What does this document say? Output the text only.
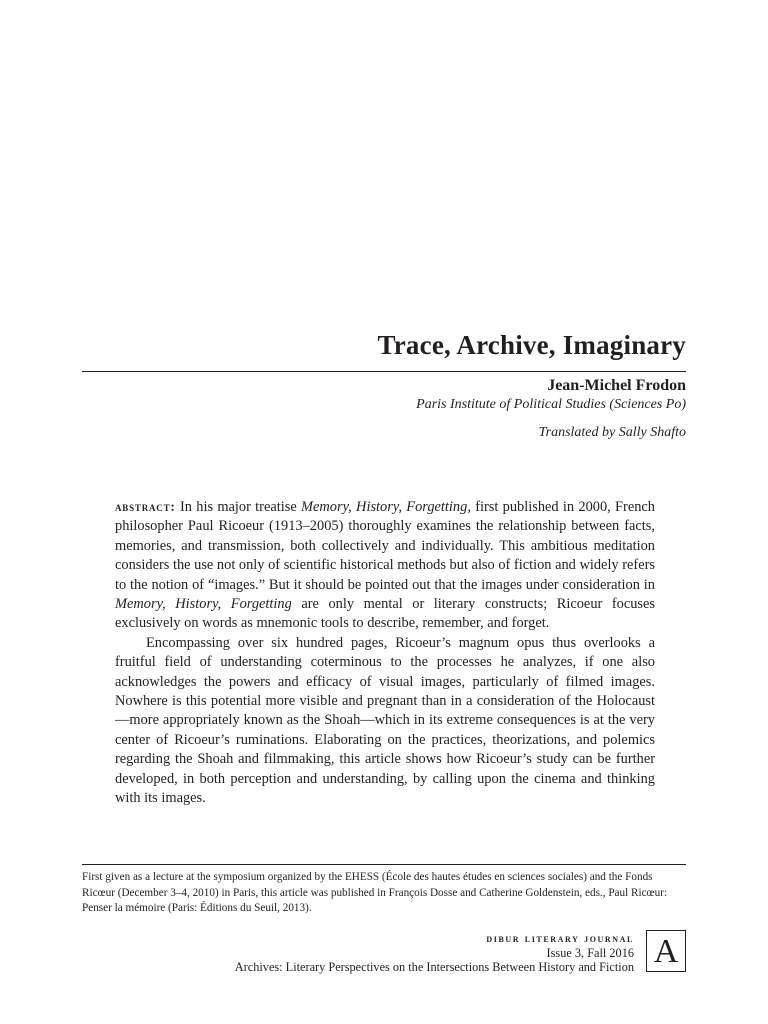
Trace, Archive, Imaginary
Jean-Michel Frodon
Paris Institute of Political Studies (Sciences Po)
Translated by Sally Shafto

abstract: In his major treatise Memory, History, Forgetting, first published in 2000, French philosopher Paul Ricoeur (1913–2005) thoroughly examines the relationship between facts, memories, and transmission, both collectively and individually. This ambitious meditation considers the use not only of scientific historical methods but also of fiction and widely refers to the notion of “images.” But it should be pointed out that the images under consideration in Memory, History, Forgetting are only mental or literary constructs; Ricoeur focuses exclusively on words as mnemonic tools to describe, remember, and forget.

Encompassing over six hundred pages, Ricoeur’s magnum opus thus overlooks a fruitful field of understanding coterminous to the processes he analyzes, if one also acknowledges the powers and efficacy of visual images, particularly of filmed images. Nowhere is this potential more visible and pregnant than in a consideration of the Holocaust—more appropriately known as the Shoah—which in its extreme consequences is at the very center of Ricoeur’s ruminations. Elaborating on the practices, theorizations, and polemics regarding the Shoah and filmmaking, this article shows how Ricoeur’s study can be further developed, in both perception and understanding, by calling upon the cinema and thinking with its images.

First given as a lecture at the symposium organized by the EHESS (École des hautes études en sciences sociales) and the Fonds Ricœur (December 3–4, 2010) in Paris, this article was published in François Dosse and Catherine Goldenstein, eds., Paul Ricœur: Penser la mémoire (Paris: Éditions du Seuil, 2013).

dibur literary journal
Issue 3, Fall 2016
Archives: Literary Perspectives on the Intersections Between History and Fiction A
